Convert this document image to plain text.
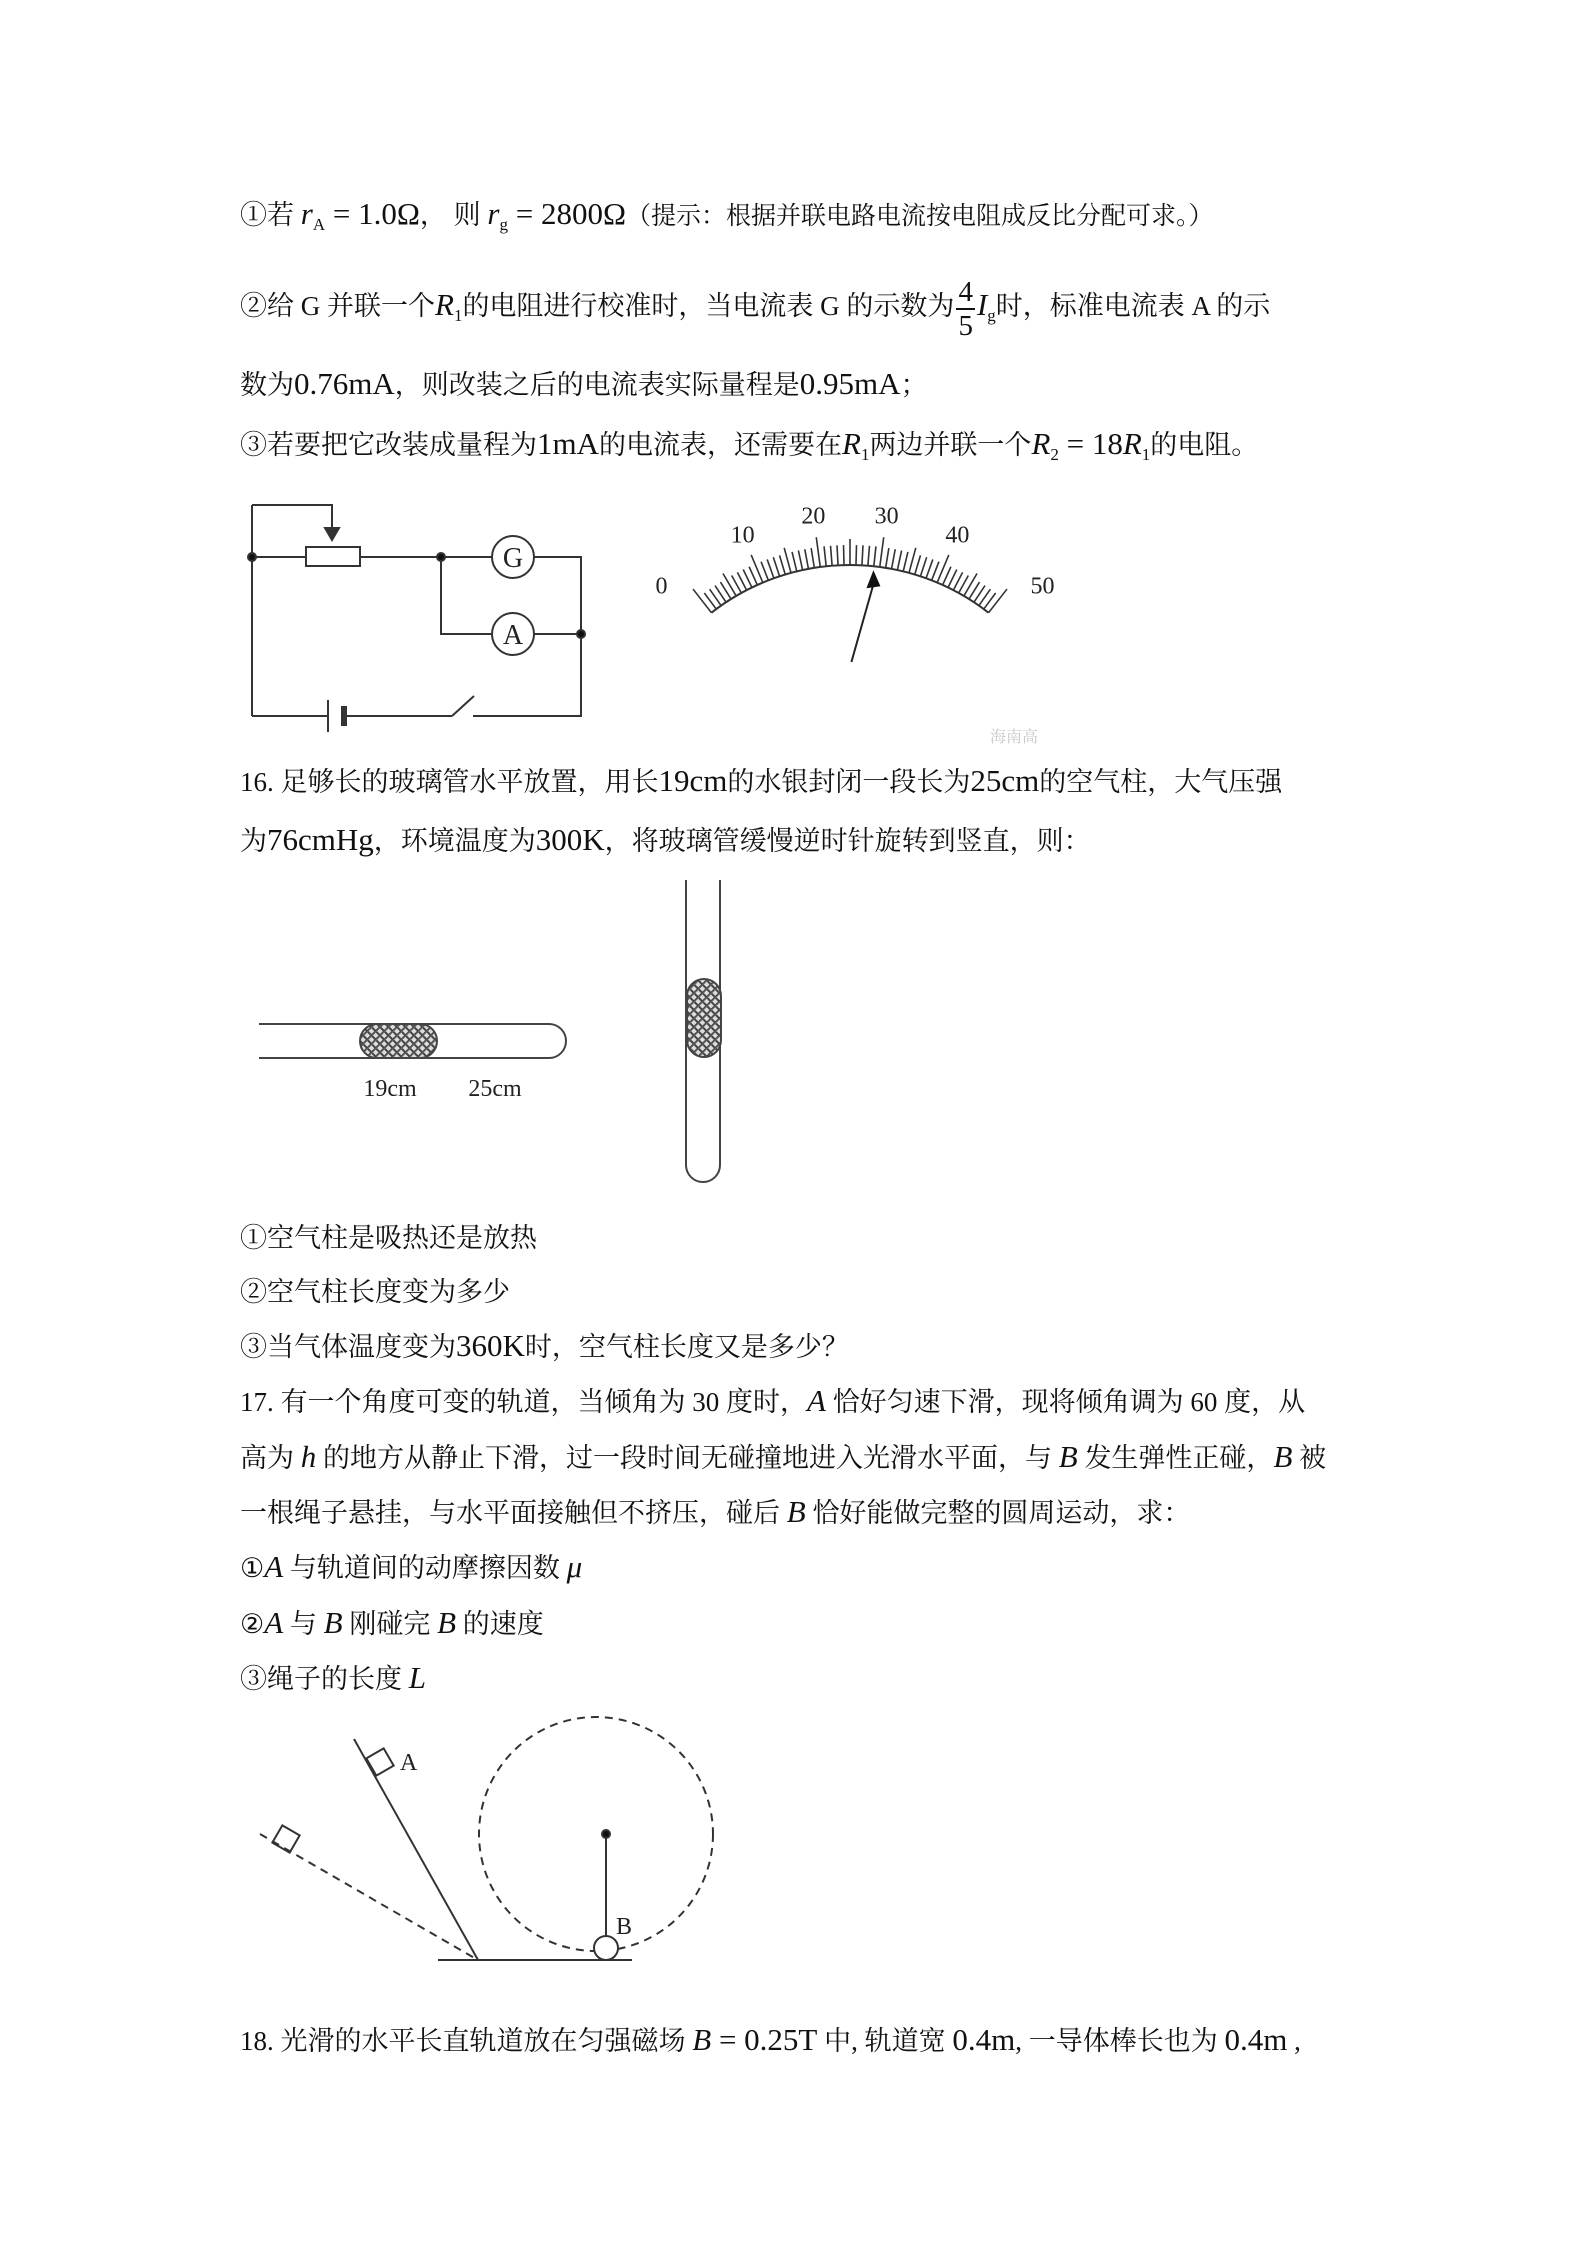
①若 $r_A = 1.0\Omega$， 则 $r_g = 2800\Omega$（提示：根据并联电路电流按电阻成反比分配可求。）
②给 G 并联一个$R_1$的电阻进行校准时，当电流表 G 的示数为 $\frac{4}{5} I_g$时，标准电流表 A 的示
数为0.76mA，则改装之后的电流表实际量程是0.95mA；
③若要把它改装成量程为1mA的电流表，还需要在$R_1$两边并联一个$R_2 = 18R_1$的电阻。
G
A
0
10
20 30
40
50
海南高
16. 足够长的玻璃管水平放置，用长19cm的水银封闭一段长为25cm的空气柱，大气压强
为76cmHg，环境温度为300K，将玻璃管缓慢逆时针旋转到竖直，则：
19cm 25cm
①空气柱是吸热还是放热
②空气柱长度变为多少
③当气体温度变为360K时，空气柱长度又是多少？
17. 有一个角度可变的轨道，当倾角为 30 度时，A 恰好匀速下滑，现将倾角调为 60 度，从
高为 h 的地方从静止下滑，过一段时间无碰撞地进入光滑水平面，与 B 发生弹性正碰，B 被
一根绳子悬挂，与水平面接触但不挤压，碰后 B 恰好能做完整的圆周运动，求：
①A 与轨道间的动摩擦因数 μ
②A 与 B 刚碰完 B 的速度
③绳子的长度 L
A
B
18. 光滑的水平长直轨道放在匀强磁场 B = 0.25T 中, 轨道宽 0.4m, 一导体棒长也为 0.4m ,
